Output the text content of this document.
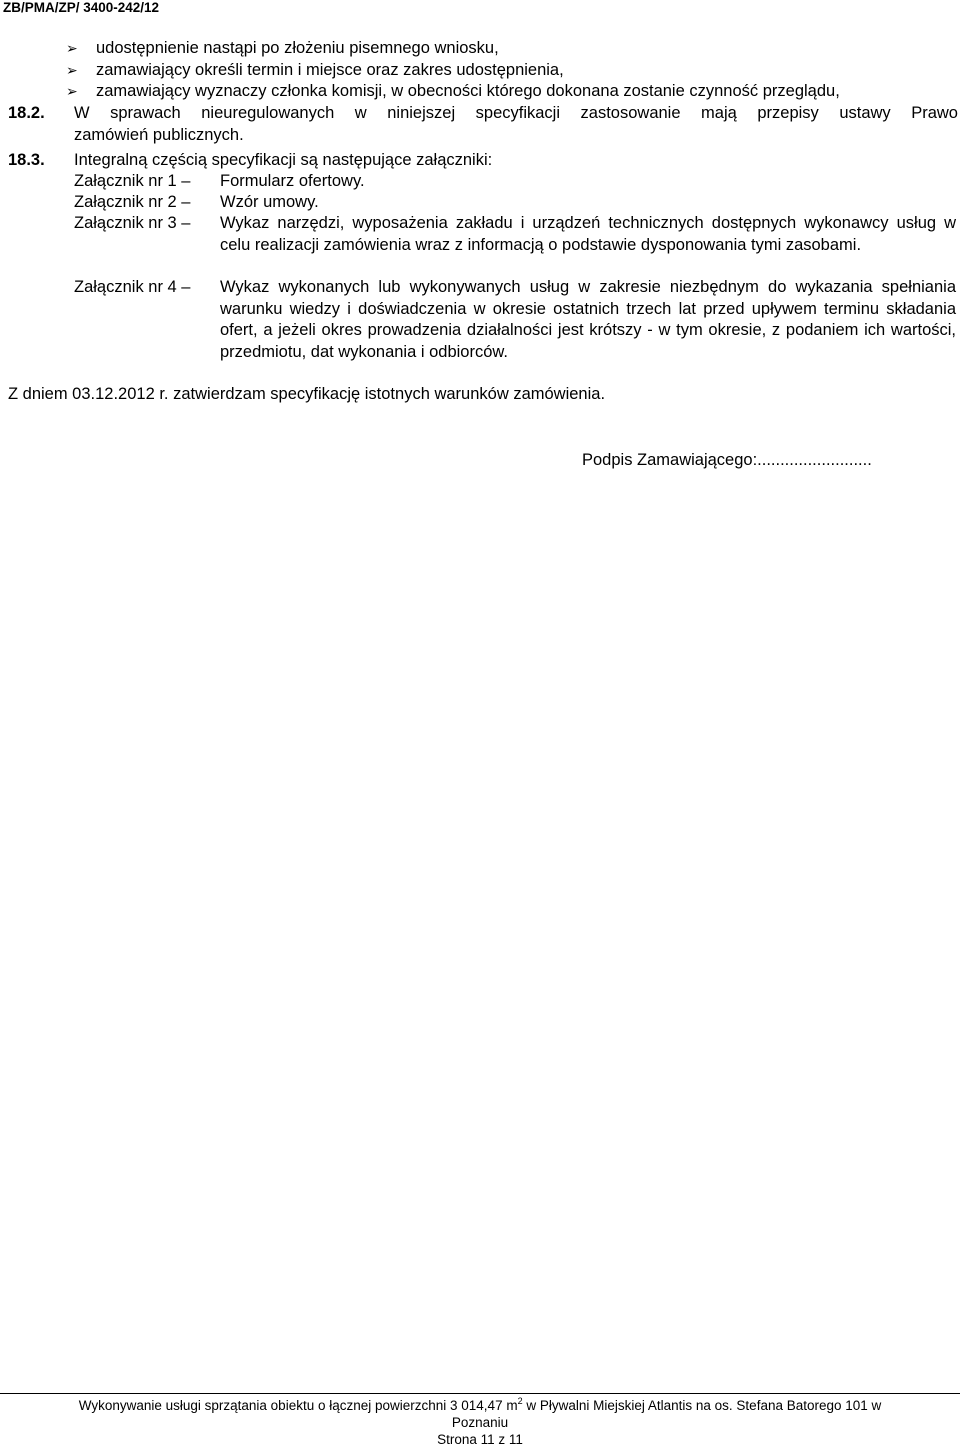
ZB/PMA/ZP/ 3400-242/12
➢ udostępnienie nastąpi po złożeniu pisemnego wniosku,
➢ zamawiający określi termin i miejsce oraz zakres udostępnienia,
➢ zamawiający wyznaczy członka komisji, w obecności którego dokonana zostanie czynność przeglądu,
18.2. W sprawach nieuregulowanych w niniejszej specyfikacji zastosowanie mają przepisy ustawy Prawo
zamówień publicznych.
18.3. Integralną częścią specyfikacji są następujące załączniki:
Załącznik nr 1 – Formularz ofertowy.
Załącznik nr 2 – Wzór umowy.
Załącznik nr 3 – Wykaz narzędzi, wyposażenia zakładu i urządzeń technicznych dostępnych wykonawcy usług w celu realizacji zamówienia wraz z informacją o podstawie dysponowania tymi zasobami.
Załącznik nr 4 – Wykaz wykonanych lub wykonywanych usług w zakresie niezbędnym do wykazania spełniania warunku wiedzy i doświadczenia w okresie ostatnich trzech lat przed upływem terminu składania ofert, a jeżeli okres prowadzenia działalności jest krótszy - w tym okresie, z podaniem ich wartości, przedmiotu, dat wykonania i odbiorców.
Z dniem 03.12.2012 r. zatwierdzam specyfikację istotnych warunków zamówienia.
Podpis Zamawiającego:.........................
Wykonywanie usługi sprzątania obiektu o łącznej powierzchni 3 014,47 $m^2$ w Pływalni Miejskiej Atlantis na os. Stefana Batorego 101 w
Poznaniu
Strona 11 z 11
